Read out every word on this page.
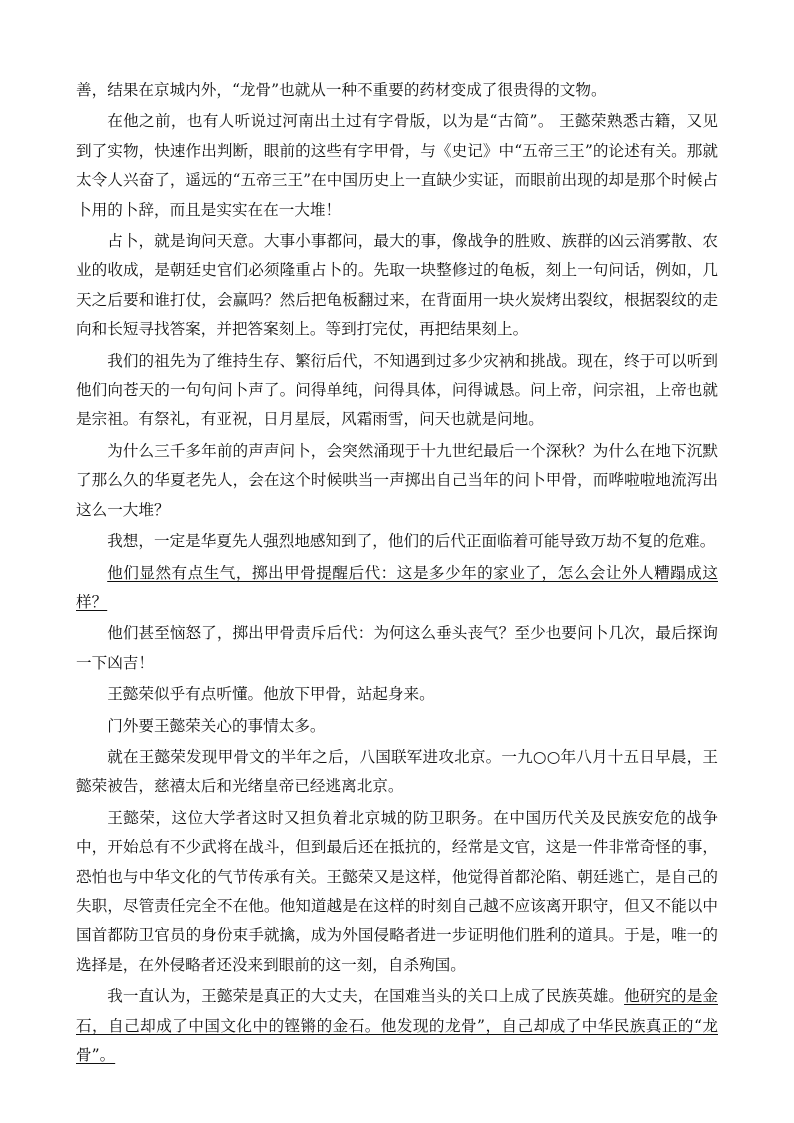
善，结果在京城内外，“龙骨”也就从一种不重要的药材变成了很贵得的文物。

在他之前，也有人听说过河南出土过有字骨版，以为是“古简”。 王懿荣熟悉古籍，又见到了实物，快速作出判断，眼前的这些有字甲骨，与《史记》中“五帝三王”的论述有关。那就太令人兴奋了，遥远的“五帝三王”在中国历史上一直缺少实证，而眼前出现的却是那个时候占卜用的卜辞，而且是实实在在一大堆！

占卜，就是询问天意。大事小事都问，最大的事，像战争的胜败、族群的凶云消雾散、农业的收成，是朝廷史官们必须隆重占卜的。先取一块整修过的龟板，刻上一句问话，例如，几天之后要和谁打仗，会赢吗？然后把龟板翻过来，在背面用一块火炭烤出裂纹，根据裂纹的走向和长短寻找答案，并把答案刻上。等到打完仗，再把结果刻上。

我们的祖先为了维持生存、繁衍后代，不知遇到过多少灾衲和挑战。现在，终于可以听到他们向苍天的一句句问卜声了。问得单纯，问得具体，问得诚恳。问上帝，问宗祖，上帝也就是宗祖。有祭礼，有亚祝，日月星辰，风霜雨雪，问天也就是问地。

为什么三千多年前的声声问卜，会突然涌现于十九世纪最后一个深秋？为什么在地下沉默了那么久的华夏老先人，会在这个时候哄当一声掷出自己当年的问卜甲骨，而哗啦啦地流泻出这么一大堆？

我想，一定是华夏先人强烈地感知到了，他们的后代正面临着可能导致万劫不复的危难。

他们显然有点生气，掷出甲骨提醒后代：这是多少年的家业了，怎么会让外人糟蹋成这样？

他们甚至恼怒了，掷出甲骨责斥后代：为何这么垂头丧气？至少也要问卜几次，最后探询一下凶吉！

王懿荣似乎有点听懂。他放下甲骨，站起身来。

门外要王懿荣关心的事情太多。

就在王懿荣发现甲骨文的半年之后，八国联军进攻北京。一九○○年八月十五日早晨，王懿荣被告，慈禧太后和光绪皇帝已经逃离北京。

王懿荣，这位大学者这时又担负着北京城的防卫职务。在中国历代关及民族安危的战争中，开始总有不少武将在战斗，但到最后还在抵抗的，经常是文官，这是一件非常奇怪的事，恐怕也与中华文化的气节传承有关。王懿荣又是这样，他觉得首都沦陷、朝廷逃亡，是自己的失职，尽管责任完全不在他。他知道越是在这样的时刻自己越不应该离开职守，但又不能以中国首都防卫官员的身份束手就擒，成为外国侵略者进一步证明他们胜利的道具。于是，唯一的选择是，在外侵略者还没来到眼前的这一刻，自杀殉国。

我一直认为，王懿荣是真正的大丈夫，在国难当头的关口上成了民族英雄。他研究的是金石，自己却成了中国文化中的铿锵的金石。他发现的龙骨”，自己却成了中华民族真正的“龙骨”。
